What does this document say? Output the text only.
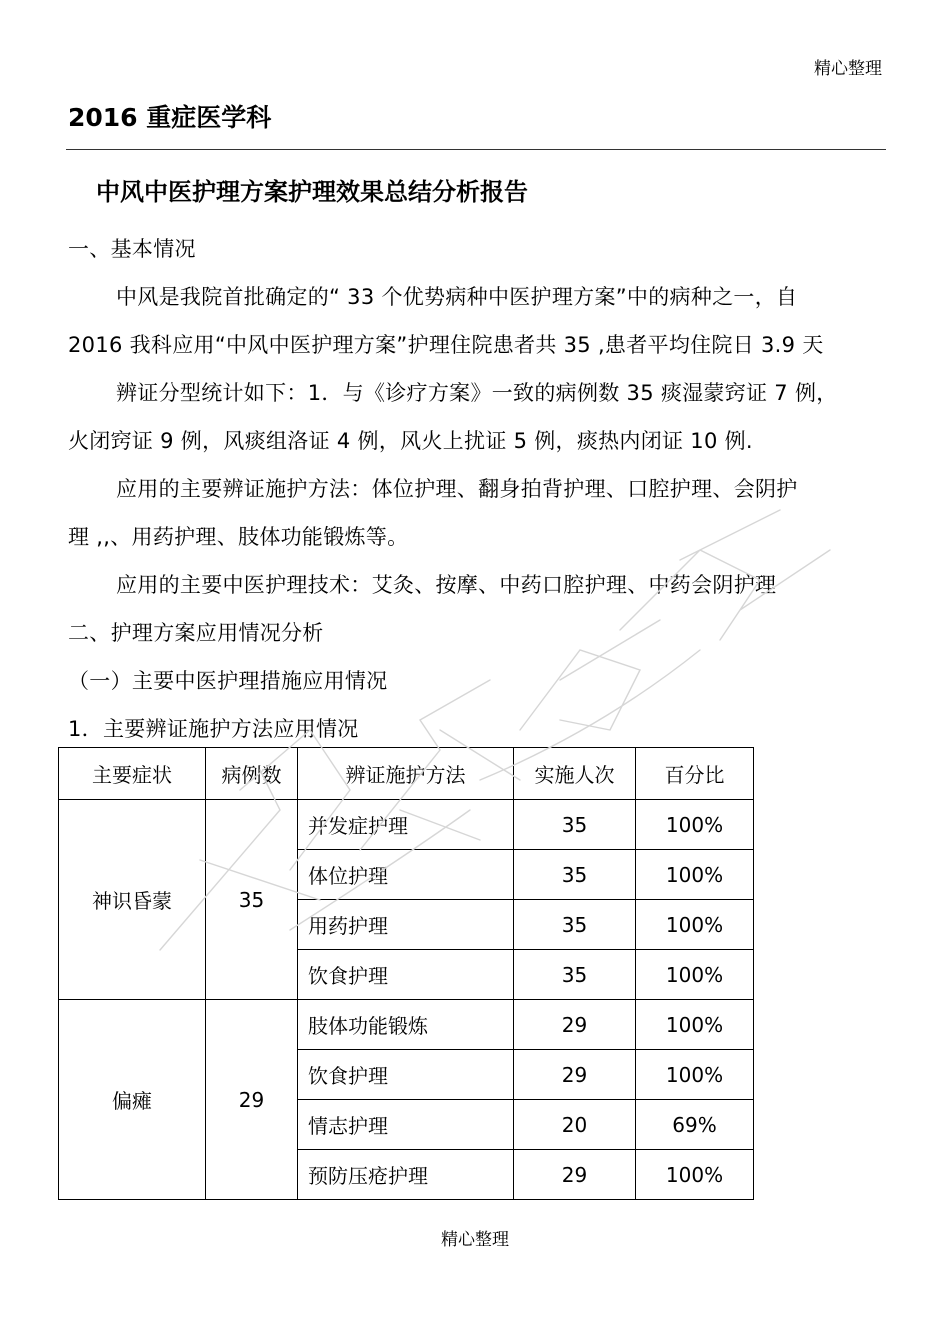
精心整理
2016 重症医学科
中风中医护理方案护理效果总结分析报告
一、基本情况
中风是我院首批确定的“ 33 个优势病种中医护理方案”中的病种之一，自
2016 我科应用“中风中医护理方案”护理住院患者共 35 ,患者平均住院日 3.9 天
辨证分型统计如下：1．与《诊疗方案》一致的病例数 35 痰湿蒙窍证 7 例，
火闭窍证 9 例，风痰组洛证 4 例，风火上扰证 5 例，痰热内闭证 10 例.
应用的主要辨证施护方法：体位护理、翻身拍背护理、口腔护理、会阴护
理 ,,、用药护理、肢体功能锻炼等。
应用的主要中医护理技术：艾灸、按摩、中药口腔护理、中药会阴护理
二、护理方案应用情况分析
（一）主要中医护理措施应用情况
1．主要辨证施护方法应用情况
主要症状	病例数	辨证施护方法	实施人次	百分比
神识昏蒙	35	并发症护理	35	100%
		体位护理	35	100%
		用药护理	35	100%
		饮食护理	35	100%
偏瘫	29	肢体功能锻炼	29	100%
		饮食护理	29	100%
		情志护理	20	69%
		预防压疮护理	29	100%
精心整理
